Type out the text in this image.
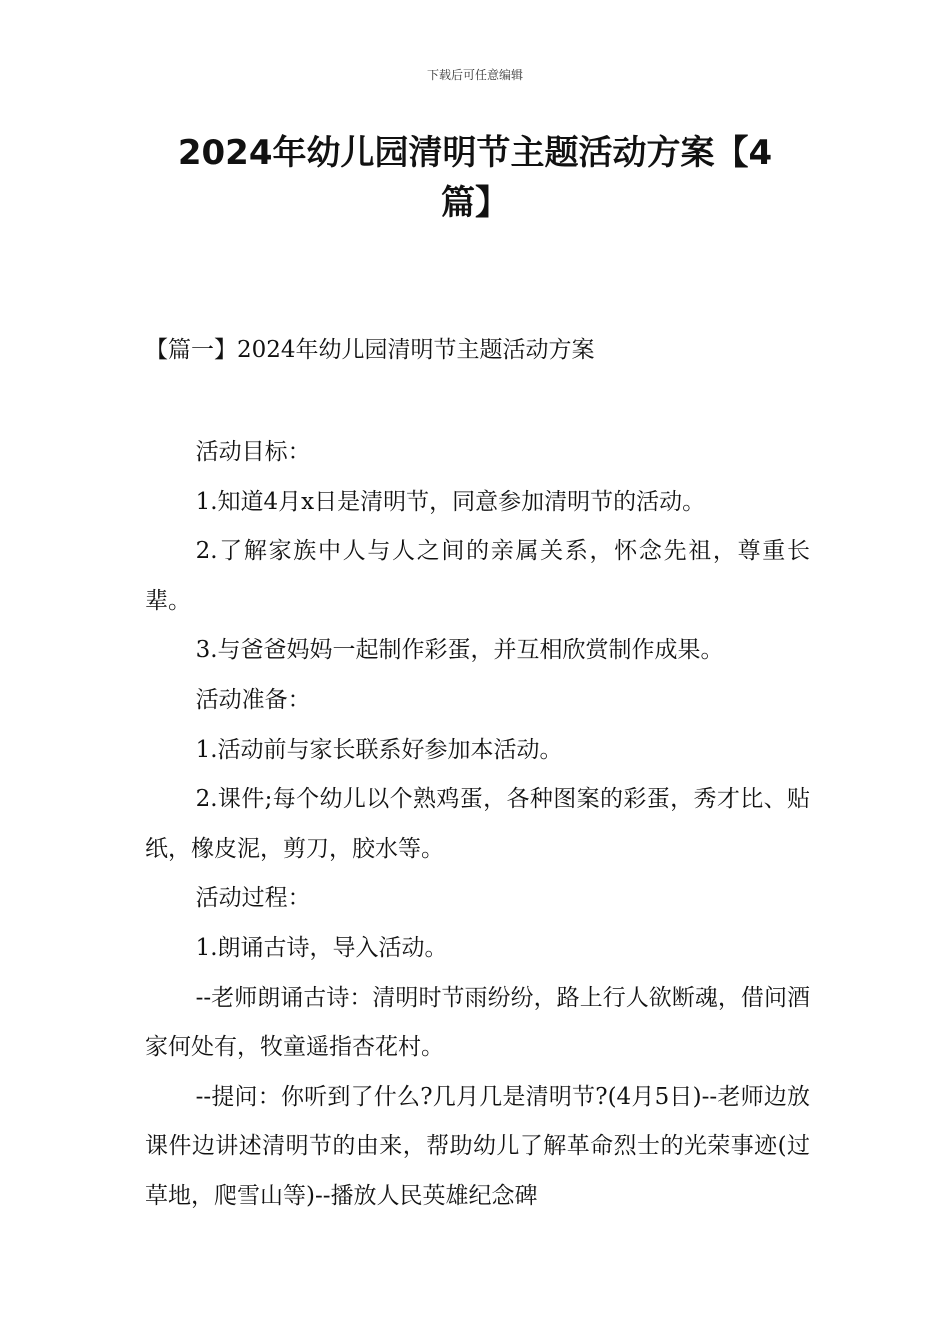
下载后可任意编辑
2024年幼儿园清明节主题活动方案【4篇】

【篇一】2024年幼儿园清明节主题活动方案

活动目标：

1.知道4月x日是清明节，同意参加清明节的活动。

2.了解家族中人与人之间的亲属关系，怀念先祖，尊重长辈。

3.与爸爸妈妈一起制作彩蛋，并互相欣赏制作成果。

活动准备：

1.活动前与家长联系好参加本活动。

2.课件;每个幼儿以个熟鸡蛋，各种图案的彩蛋，秀才比、贴纸，橡皮泥，剪刀，胶水等。

活动过程：

1.朗诵古诗，导入活动。

--老师朗诵古诗：清明时节雨纷纷，路上行人欲断魂，借问酒家何处有，牧童遥指杏花村。

--提问：你听到了什么?几月几是清明节?(4月5日)--老师边放课件边讲述清明节的由来，帮助幼儿了解革命烈士的光荣事迹(过草地，爬雪山等)--播放人民英雄纪念碑
